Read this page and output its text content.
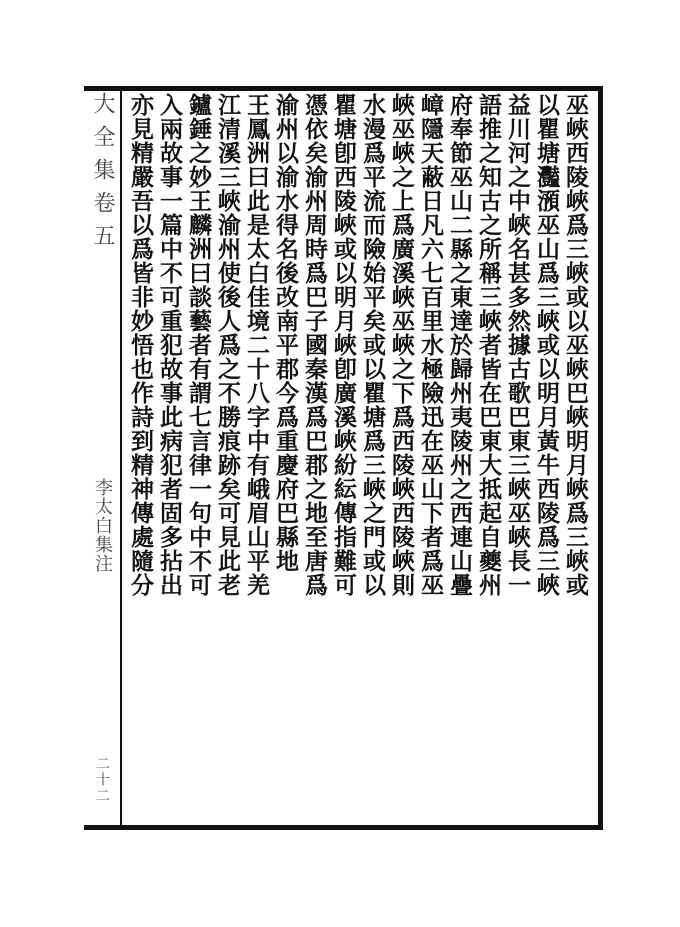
大 全 集 卷 五
李太白集注
二十二
巫峽西陵峽爲三峽或以巫峽巴峽明月峽爲三峽或
以瞿塘灩澦巫山爲三峽或以明月黃牛西陵爲三峽
益川河之中峽名甚多然據古歌巴東三峽巫峽長一
語推之知古之所稱三峽者皆在巴東大抵起自夔州
府奉節巫山二縣之東達於歸州夷陵州之西連山疊
嶂隱天蔽日凡六七百里水極險迅在巫山下者爲巫
峽巫峽之上爲廣溪峽巫峽之下爲西陵峽西陵峽則
水漫爲平流而險始平矣或以瞿塘爲三峽之門或以
瞿塘卽西陵峽或以明月峽卽廣溪峽紛紜傳指難可
憑依矣渝州周時爲巴子國秦漢爲巴郡之地至唐爲
渝州以渝水得名後改南平郡今爲重慶府巴縣地
王鳳洲曰此是太白佳境二十八字中有峨眉山平羌
江清溪三峽渝州使後人爲之不勝痕跡矣可見此老
鑪錘之妙王麟洲曰談藝者有謂七言律一句中不可
入兩故事一篇中不可重犯故事此病犯者固多拈出
亦見精嚴吾以爲皆非妙悟也作詩到精神傳處隨分
